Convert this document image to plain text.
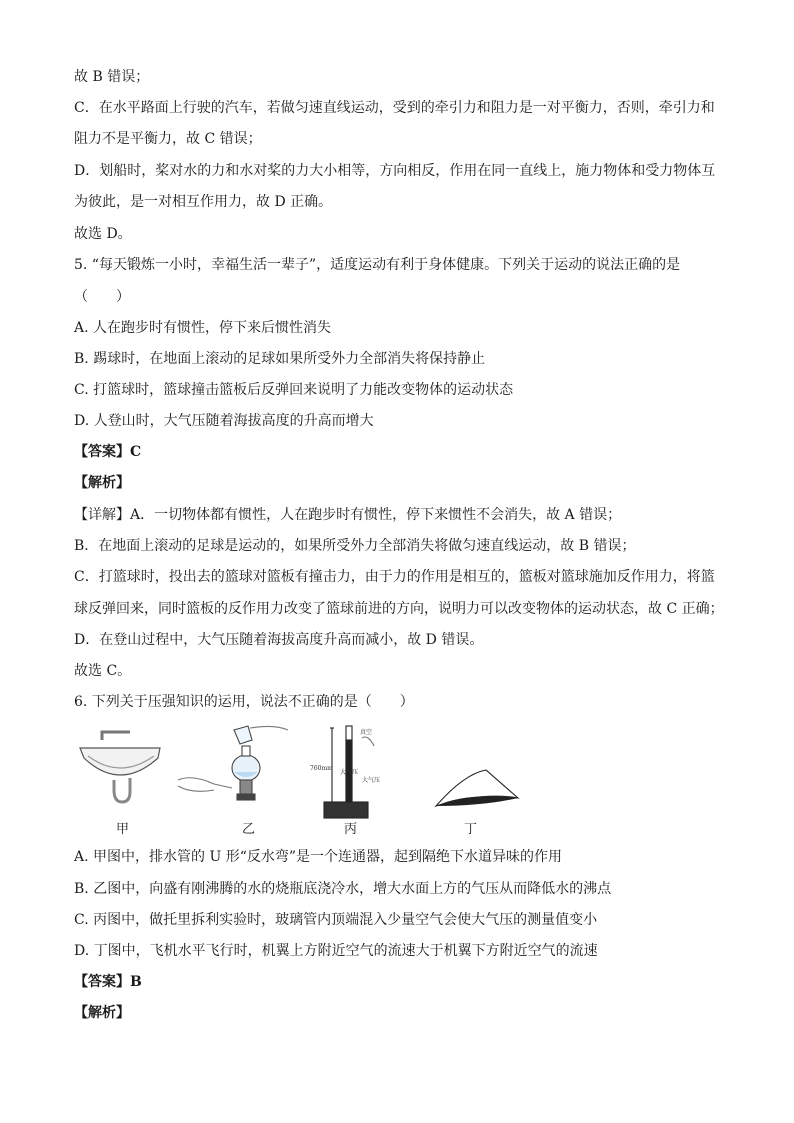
故 B 错误；
C．在水平路面上行驶的汽车，若做匀速直线运动，受到的牵引力和阻力是一对平衡力，否则，牵引力和
阻力不是平衡力，故 C 错误；
D．划船时，桨对水的力和水对桨的力大小相等，方向相反，作用在同一直线上，施力物体和受力物体互
为彼此，是一对相互作用力，故 D 正确。
故选 D。
5. “每天锻炼一小时，幸福生活一辈子”，适度运动有利于身体健康。下列关于运动的说法正确的是
（　　）
A. 人在跑步时有惯性，停下来后惯性消失
B. 踢球时，在地面上滚动的足球如果所受外力全部消失将保持静止
C. 打篮球时，篮球撞击篮板后反弹回来说明了力能改变物体的运动状态
D. 人登山时，大气压随着海拔高度的升高而增大
【答案】C
【解析】
【详解】A．一切物体都有惯性，人在跑步时有惯性，停下来惯性不会消失，故 A 错误；
B．在地面上滚动的足球是运动的，如果所受外力全部消失将做匀速直线运动，故 B 错误；
C．打篮球时，投出去的篮球对篮板有撞击力，由于力的作用是相互的，篮板对篮球施加反作用力，将篮
球反弹回来，同时篮板的反作用力改变了篮球前进的方向，说明力可以改变物体的运动状态，故 C 正确；
D．在登山过程中，大气压随着海拔高度升高而减小，故 D 错误。
故选 C。
6. 下列关于压强知识的运用，说法不正确的是（　　）
真空
760mm
大气压
大气压
甲	乙	丙	丁
A. 甲图中，排水管的 U 形“反水弯”是一个连通器，起到隔绝下水道异味的作用
B. 乙图中，向盛有刚沸腾的水的烧瓶底浇冷水，增大水面上方的气压从而降低水的沸点
C. 丙图中，做托里拆利实验时，玻璃管内顶端混入少量空气会使大气压的测量值变小
D. 丁图中，飞机水平飞行时，机翼上方附近空气的流速大于机翼下方附近空气的流速
【答案】B
【解析】
